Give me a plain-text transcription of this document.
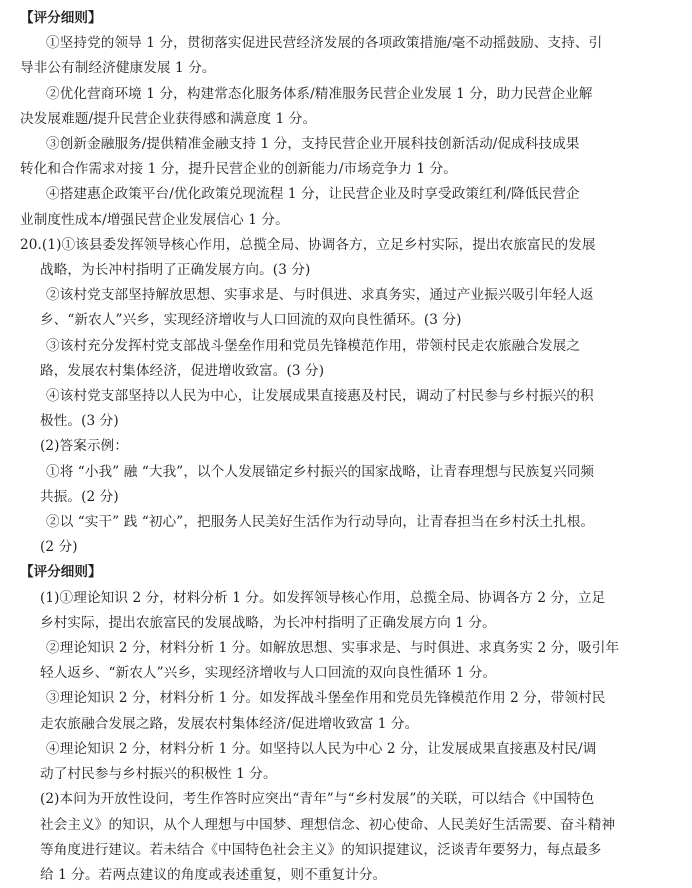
【评分细则】
①坚持党的领导 1 分，贯彻落实促进民营经济发展的各项政策措施/毫不动摇鼓励、支持、引
导非公有制经济健康发展 1 分。
②优化营商环境 1 分，构建常态化服务体系/精准服务民营企业发展 1 分，助力民营企业解
决发展难题/提升民营企业获得感和满意度 1 分。
③创新金融服务/提供精准金融支持 1 分，支持民营企业开展科技创新活动/促成科技成果
转化和合作需求对接 1 分，提升民营企业的创新能力/市场竞争力 1 分。
④搭建惠企政策平台/优化政策兑现流程 1 分，让民营企业及时享受政策红利/降低民营企
业制度性成本/增强民营企业发展信心 1 分。
20.(1)①该县委发挥领导核心作用，总揽全局、协调各方，立足乡村实际，提出农旅富民的发展
战略，为长冲村指明了正确发展方向。(3 分)
②该村党支部坚持解放思想、实事求是、与时俱进、求真务实，通过产业振兴吸引年轻人返
乡、“新农人”兴乡，实现经济增收与人口回流的双向良性循环。(3 分)
③该村充分发挥村党支部战斗堡垒作用和党员先锋模范作用，带领村民走农旅融合发展之
路，发展农村集体经济，促进增收致富。(3 分)
④该村党支部坚持以人民为中心，让发展成果直接惠及村民，调动了村民参与乡村振兴的积
极性。(3 分)
(2)答案示例：
①将 “小我” 融 “大我”，以个人发展锚定乡村振兴的国家战略，让青春理想与民族复兴同频
共振。(2 分)
②以 “实干” 践 “初心”，把服务人民美好生活作为行动导向，让青春担当在乡村沃土扎根。
(2 分)
【评分细则】
(1)①理论知识 2 分，材料分析 1 分。如发挥领导核心作用，总揽全局、协调各方 2 分，立足
乡村实际，提出农旅富民的发展战略，为长冲村指明了正确发展方向 1 分。
②理论知识 2 分，材料分析 1 分。如解放思想、实事求是、与时俱进、求真务实 2 分，吸引年
轻人返乡、“新农人”兴乡，实现经济增收与人口回流的双向良性循环 1 分。
③理论知识 2 分，材料分析 1 分。如发挥战斗堡垒作用和党员先锋模范作用 2 分，带领村民
走农旅融合发展之路，发展农村集体经济/促进增收致富 1 分。
④理论知识 2 分，材料分析 1 分。如坚持以人民为中心 2 分，让发展成果直接惠及村民/调
动了村民参与乡村振兴的积极性 1 分。
(2)本问为开放性设问，考生作答时应突出“青年”与“乡村发展”的关联，可以结合《中国特色
社会主义》的知识，从个人理想与中国梦、理想信念、初心使命、人民美好生活需要、奋斗精神
等角度进行建议。若未结合《中国特色社会主义》的知识提建议，泛谈青年要努力，每点最多
给 1 分。若两点建议的角度或表述重复，则不重复计分。
